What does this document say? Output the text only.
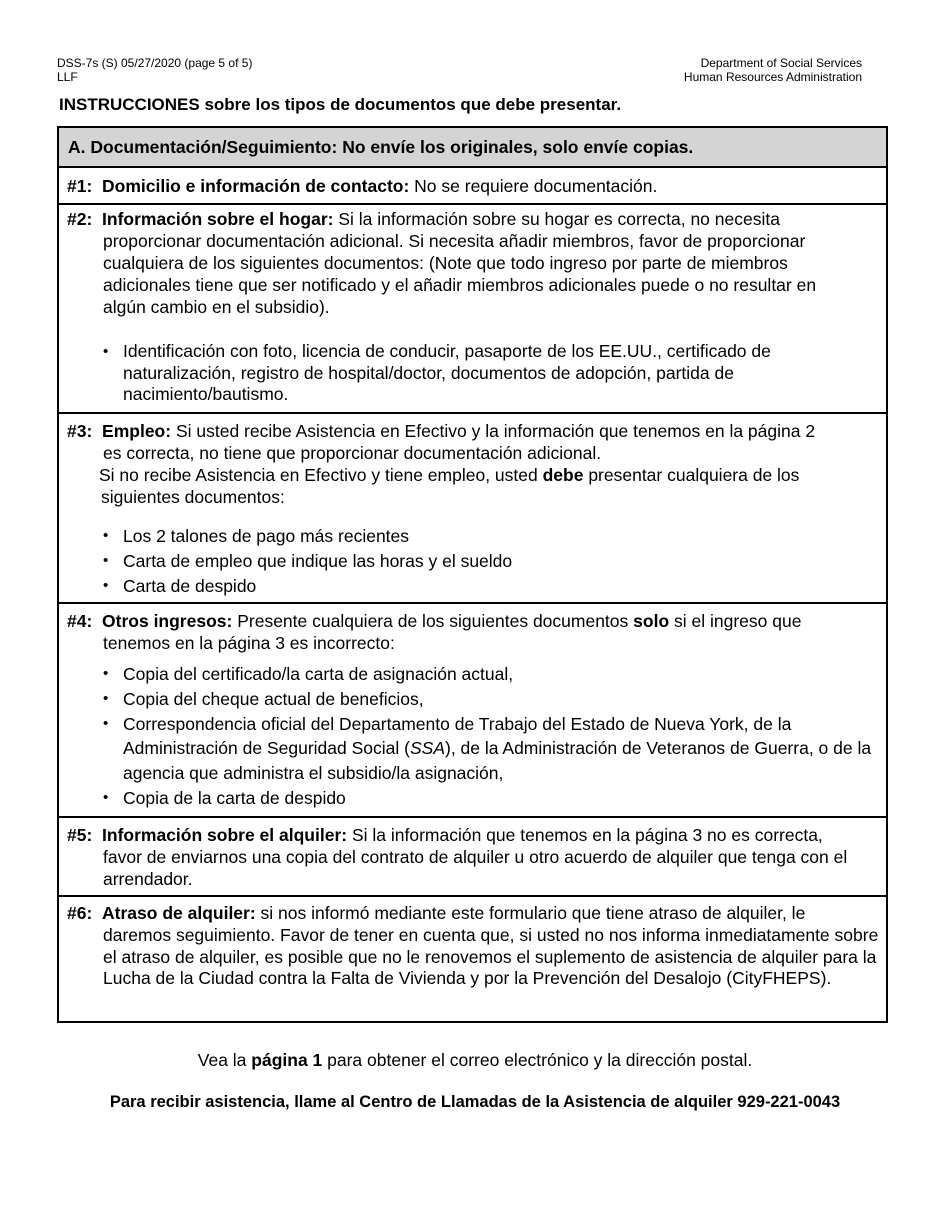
DSS-7s (S) 05/27/2020 (page 5 of 5)
LLF
Department of Social Services
Human Resources Administration
INSTRUCCIONES sobre los tipos de documentos que debe presentar.
A. Documentación/Seguimiento: No envíe los originales, solo envíe copias.
#1: Domicilio e información de contacto: No se requiere documentación.
#2: Información sobre el hogar: Si la información sobre su hogar es correcta, no necesita
proporcionar documentación adicional. Si necesita añadir miembros, favor de proporcionar
cualquiera de los siguientes documentos: (Note que todo ingreso por parte de miembros
adicionales tiene que ser notificado y el añadir miembros adicionales puede o no resultar en
algún cambio en el subsidio).
• Identificación con foto, licencia de conducir, pasaporte de los EE.UU., certificado de naturalización, registro de hospital/doctor, documentos de adopción, partida de nacimiento/bautismo.
#3: Empleo: Si usted recibe Asistencia en Efectivo y la información que tenemos en la página 2
es correcta, no tiene que proporcionar documentación adicional.
Si no recibe Asistencia en Efectivo y tiene empleo, usted debe presentar cualquiera de los
siguientes documentos:
• Los 2 talones de pago más recientes
• Carta de empleo que indique las horas y el sueldo
• Carta de despido
#4: Otros ingresos: Presente cualquiera de los siguientes documentos solo si el ingreso que
tenemos en la página 3 es incorrecto:
• Copia del certificado/la carta de asignación actual,
• Copia del cheque actual de beneficios,
• Correspondencia oficial del Departamento de Trabajo del Estado de Nueva York, de la Administración de Seguridad Social (SSA), de la Administración de Veteranos de Guerra, o de la agencia que administra el subsidio/la asignación,
• Copia de la carta de despido
#5: Información sobre el alquiler: Si la información que tenemos en la página 3 no es correcta,
favor de enviarnos una copia del contrato de alquiler u otro acuerdo de alquiler que tenga con el arrendador.
#6: Atraso de alquiler: si nos informó mediante este formulario que tiene atraso de alquiler, le
daremos seguimiento. Favor de tener en cuenta que, si usted no nos informa inmediatamente sobre el atraso de alquiler, es posible que no le renovemos el suplemento de asistencia de alquiler para la Lucha de la Ciudad contra la Falta de Vivienda y por la Prevención del Desalojo (CityFHEPS).
Vea la página 1 para obtener el correo electrónico y la dirección postal.
Para recibir asistencia, llame al Centro de Llamadas de la Asistencia de alquiler 929-221-0043
